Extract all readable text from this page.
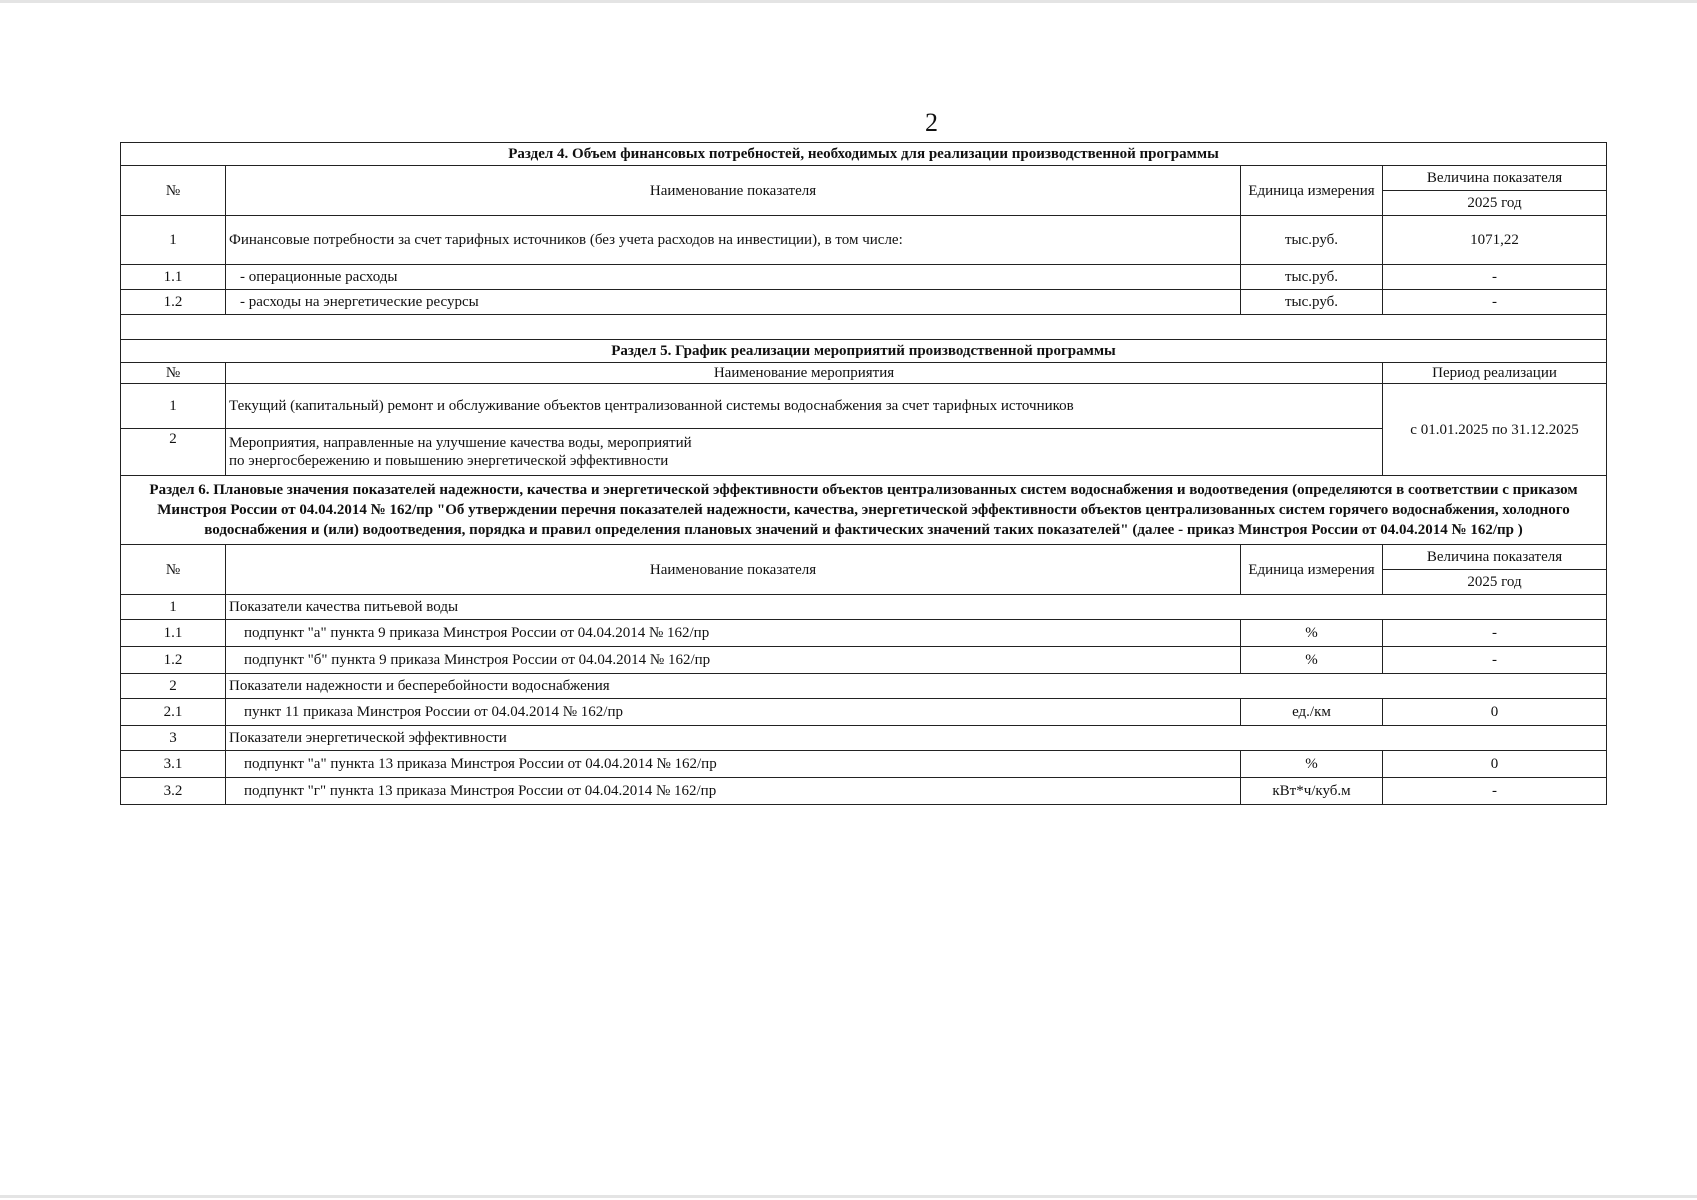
2
Раздел 4. Объем финансовых потребностей, необходимых для реализации производственной программы			
№	Наименование показателя	Единица измерения	Величина показателя
			2025 год
1	Финансовые потребности за счет тарифных источников (без учета расходов на инвестиции), в том числе:	тыс.руб.	1071,22
1.1	- операционные расходы	тыс.руб.	-
1.2	- расходы на энергетические ресурсы	тыс.руб.	-

Раздел 5. График реализации мероприятий производственной программы			
№	Наименование мероприятия		Период реализации
1	Текущий (капитальный) ремонт и обслуживание объектов централизованной системы водоснабжения за счет тарифных источников		с 01.01.2025 по 31.12.2025
2	Мероприятия, направленные на улучшение качества воды, мероприятий
по энергосбережению и повышению энергетической эффективности		

Раздел 6. Плановые значения показателей надежности, качества и энергетической эффективности объектов централизованных систем водоснабжения и водоотведения (определяются в соответствии с приказом Минстроя России от 04.04.2014 № 162/пр "Об утверждении перечня показателей надежности, качества, энергетической эффективности объектов централизованных систем горячего водоснабжения, холодного водоснабжения и (или) водоотведения, порядка и правил определения плановых значений и фактических значений таких показателей" (далее - приказ Минстроя России от 04.04.2014 № 162/пр )			
№	Наименование показателя	Единица измерения	Величина показателя
			2025 год
1	Показатели качества питьевой воды		
1.1	подпункт "а" пункта 9 приказа Минстроя России от 04.04.2014 № 162/пр	%	-
1.2	подпункт "б" пункта 9 приказа Минстроя России от 04.04.2014 № 162/пр	%	-
2	Показатели надежности и бесперебойности водоснабжения		
2.1	пункт 11 приказа Минстроя России от 04.04.2014 № 162/пр	ед./км	0
3	Показатели энергетической эффективности		
3.1	подпункт "а" пункта 13 приказа Минстроя России от 04.04.2014 № 162/пр	%	0
3.2	подпункт "г" пункта 13 приказа Минстроя России от 04.04.2014 № 162/пр	кВт*ч/куб.м	-
